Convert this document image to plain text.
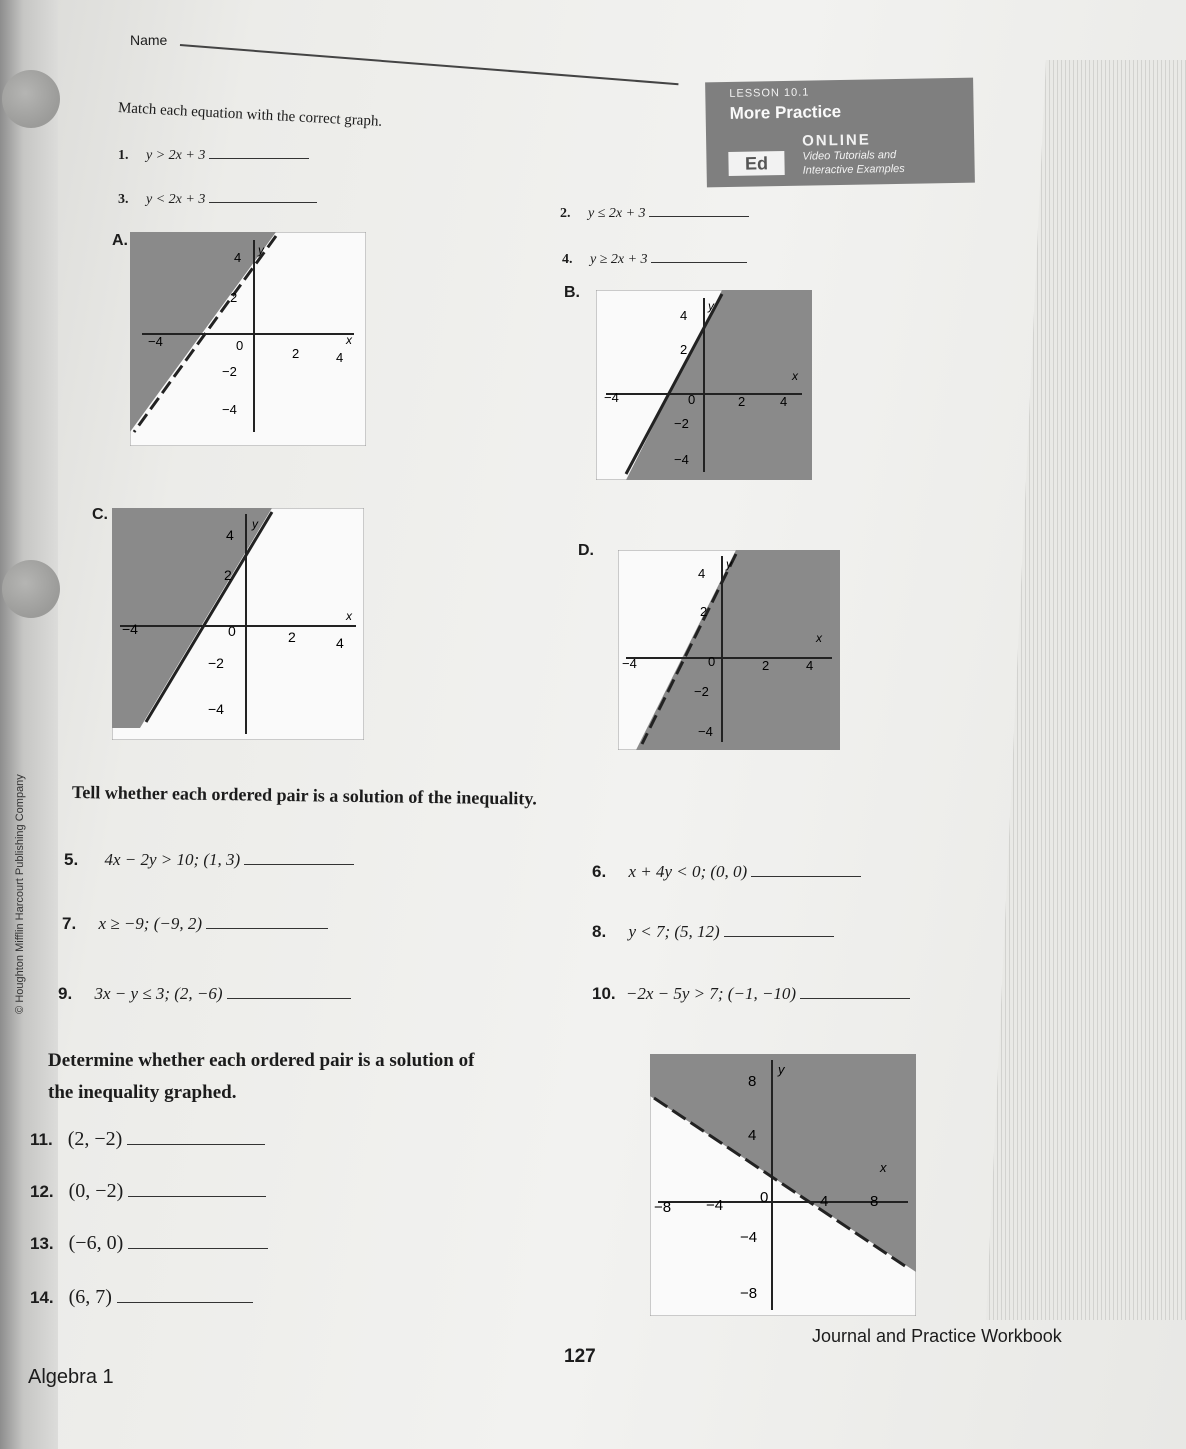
Name
LESSON 10.1
More Practice
ONLINE
Ed	Video Tutorials and
Interactive Examples
Match each equation with the correct graph.
1. y > 2x + 3
3. y < 2x + 3
2. y ≤ 2x + 3
4. y ≥ 2x + 3
A.
B.
C.
D.
4 y
2
−4	0
2	4
x
−2
−4
4
y
2
−4	0	2	4
x
−2
−4
4
y
2
−4	0	2	4
x
−2
−4
4
y
2
−4	0	2	4
x
−2
−4
© Houghton Mifflin Harcourt Publishing Company	Tell whether each ordered pair is a solution of the inequality.
5. 4x − 2y > 10; (1, 3)
6. x + 4y < 0; (0, 0)
7. x ≥ −9; (−9, 2)	8. y < 7; (5, 12)
9. 3x − y ≤ 3; (2, −6)	10. −2x − 5y > 7; (−1, −10)
Determine whether each ordered pair is a solution of
the inequality graphed.
11. (2, −2)
12. (0, −2)
13. (−6, 0)
14. (6, 7)
8
y
4
x
−8 −4 0	4	8
−4
−8
Algebra 1
127
Journal and Practice Workbook
